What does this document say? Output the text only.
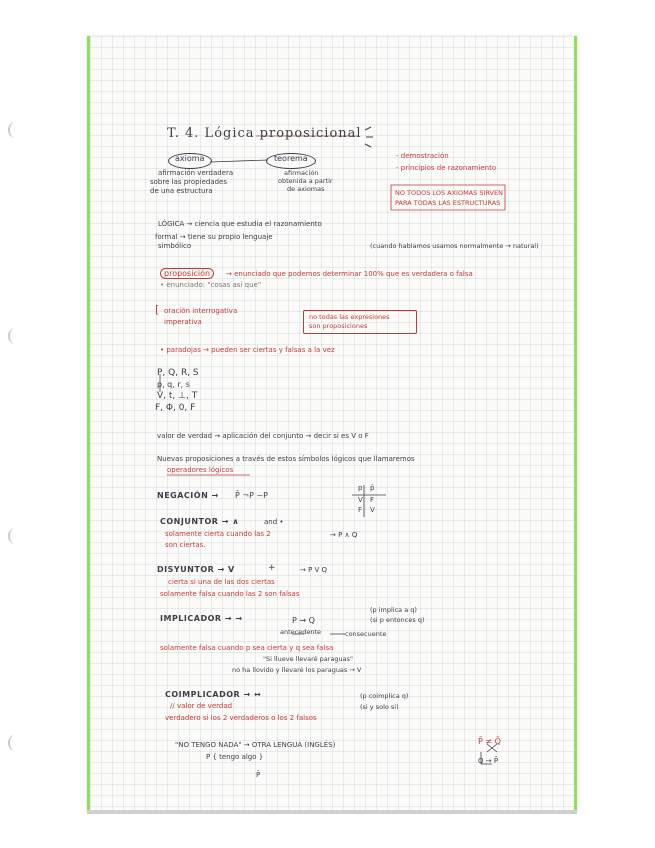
T. 4. Lógica proposicional
axioma
afirmación verdadera
sobre las propiedades
de una estructura
teorema
afirmación
obtenida a partir
de axiomas
- demostración
- principios de razonamiento
NO TODOS LOS AXIOMAS SIRVEN
PARA TODAS LAS ESTRUCTURAS
LÓGICA → ciencia que estudia el razonamiento
formal → tiene su propio lenguaje
simbólico	(cuando hablamos usamos normalmente → natural)
proposición	→ enunciado que podemos determinar 100% que es verdadera o falsa
• enunciado: "cosas así que"
[ oración interrogativa
imperativa
no todas las expresiones
son proposiciones
• paradojas → pueden ser ciertas y falsas a la vez
P, Q, R, S
p, q, r, s
V, t, ⊥, T
F, Φ, 0, F
valor de verdad → aplicación del conjunto → decir si es V o F
Nuevas proposiciones a través de estos símbolos lógicos que llamaremos
operadores lógicos
NEGACIÓN → P̄ ¬P ~P
p p̄
V F
F V
CONJUNTOR → ∧	and •
→ P ∧ Q
solamente cierta cuando las 2
son ciertas.
DISYUNTOR → V	+	→ P V Q
cierta si una de las dos ciertas
solamente falsa cuando las 2 son falsas
IMPLICADOR → →	P → Q
(p implica a q)
(si p entonces q)
antecedente	consecuente
solamente falsa cuando p sea cierta y q sea falsa
"Si llueve llevaré paraguas"
no ha llovido y llevaré los paraguas → V
COIMPLICADOR → ↔
// valor de verdad
verdadero si los 2 verdaderos o los 2 falsos
(p coimplica q)
(si y solo si)
"NO TENGO NADA" → OTRA LENGUA (INGLÉS)
P { tengo algo }
P̄
P̄ ≠ Q̄
Q → P̄
